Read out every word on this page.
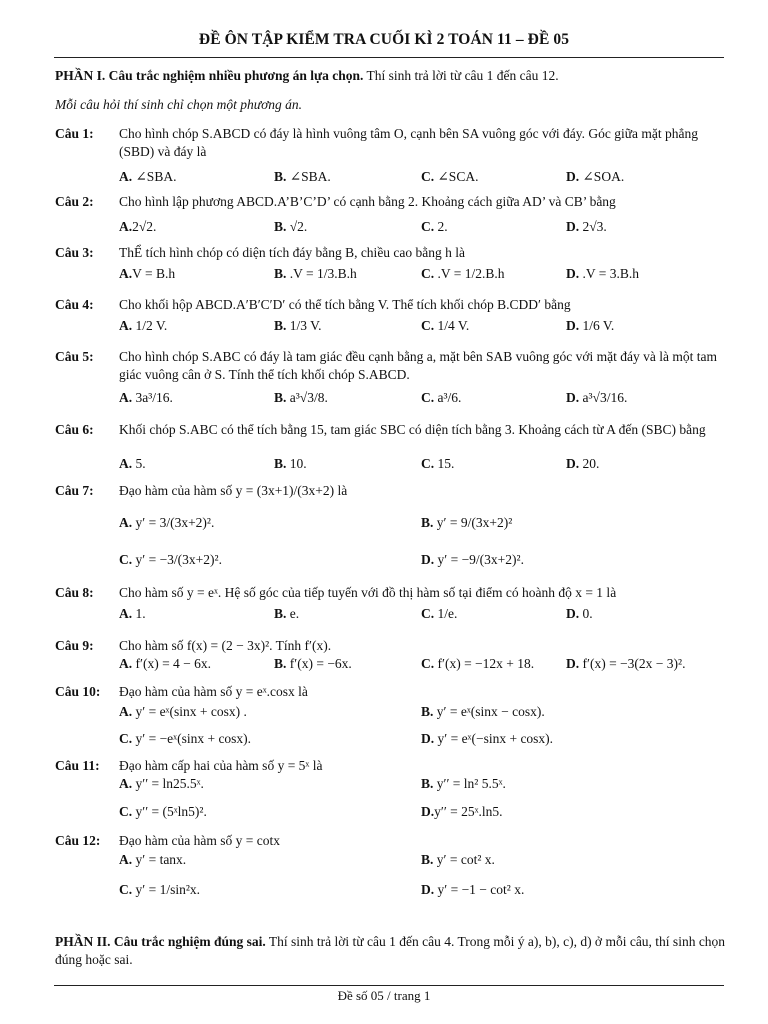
ĐỀ ÔN TẬP KIỂM TRA CUỐI KÌ 2 TOÁN 11 – ĐỀ 05
PHẦN I. Câu trắc nghiệm nhiều phương án lựa chọn. Thí sinh trả lời từ câu 1 đến câu 12.
Mỗi câu hỏi thí sinh chỉ chọn một phương án.
Câu 1: Cho hình chóp S.ABCD có đáy là hình vuông tâm O, cạnh bên SA vuông góc với đáy. Góc giữa mặt phẳng (SBD) và đáy là
A. ∠SBA.	B. ∠SBA.	C. ∠SCA.	D. ∠SOA.
Câu 2: Cho hình lập phương ABCD.A’B’C’D’ có cạnh bằng 2. Khoảng cách giữa AD’ và CB’ bằng
A.2√2.	B. √2.	C. 2.	D. 2√3.
Câu 3: ThỂ tích hình chóp có diện tích đáy bằng B, chiều cao bằng h là
A.V = B.h	B. .V = 1/3.B.h	C. .V = 1/2.B.h	D. .V = 3.B.h
Câu 4: Cho khối hộp ABCD.A′B′C′D′ có thể tích bằng V. Thể tích khối chóp B.CDD′ bằng
A. 1/2 V.	B. 1/3 V.	C. 1/4 V.	D. 1/6 V.
Câu 5: Cho hình chóp S.ABC có đáy là tam giác đều cạnh bằng a, mặt bên SAB vuông góc với mặt đáy và là một tam giác vuông cân ở S. Tính thể tích khối chóp S.ABCD.
A. 3a³/16.	B. a³√3/8.	C. a³/6.	D. a³√3/16.
Câu 6: Khối chóp S.ABC có thể tích bằng 15, tam giác SBC có diện tích bằng 3. Khoảng cách từ A đến (SBC) bằng
A. 5.	B. 10.	C. 15.	D. 20.
Câu 7: Đạo hàm của hàm số y = (3x+1)/(3x+2) là
A. y′ = 3/(3x+2)².	B. y′ = 9/(3x+2)²
C. y′ = −3/(3x+2)².	D. y′ = −9/(3x+2)².
Câu 8: Cho hàm số y = eˣ. Hệ số góc của tiếp tuyến với đồ thị hàm số tại điểm có hoành độ x = 1 là
A. 1.	B. e.	C. 1/e.	D. 0.
Câu 9: Cho hàm số f(x) = (2 − 3x)². Tính f′(x).
A. f′(x) = 4 − 6x.	B. f′(x) = −6x.	C. f′(x) = −12x + 18. D. f′(x) = −3(2x − 3)².
Câu 10: Đạo hàm của hàm số y = eˣ.cosx là
A. y′ = eˣ(sinx + cosx) .	B. y′ = eˣ(sinx − cosx).
C. y′ = −eˣ(sinx + cosx).	D. y′ = eˣ(−sinx + cosx).
Câu 11: Đạo hàm cấp hai của hàm số y = 5ˣ là
A. y′′ = ln25.5ˣ.	B. y′′ = ln² 5.5ˣ.
C. y′′ = (5ˣln5)².	D.y′′ = 25ˣ.ln5.
Câu 12: Đạo hàm của hàm số y = cotx
A. y′ = tanx.	B. y′ = cot² x.
C. y′ = 1/sin²x.	D. y′ = −1 − cot² x.
PHẦN II. Câu trắc nghiệm đúng sai. Thí sinh trả lời từ câu 1 đến câu 4. Trong mỗi ý a), b), c), d) ở mỗi câu, thí sinh chọn đúng hoặc sai.
Đề số 05 / trang 1
